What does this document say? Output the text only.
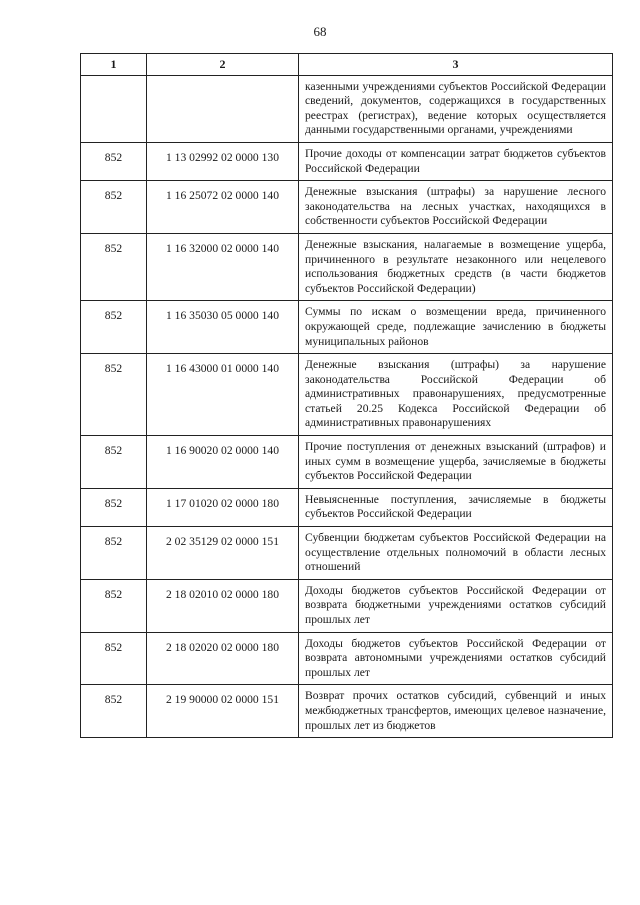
68
1	2	3
		казенными учреждениями субъектов Российской Федерации сведений, документов, содержащихся в государственных реестрах (регистрах), ведение которых осуществляется данными государственными органами, учреждениями
852	1 13 02992 02 0000 130	Прочие доходы от компенсации затрат бюджетов субъектов Российской Федерации
852	1 16 25072 02 0000 140	Денежные взыскания (штрафы) за нарушение лесного законодательства на лесных участках, находящихся в собственности субъектов Российской Федерации
852	1 16 32000 02 0000 140	Денежные взыскания, налагаемые в возмещение ущерба, причиненного в результате незаконного или нецелевого использования бюджетных средств (в части бюджетов субъектов Российской Федерации)
852	1 16 35030 05 0000 140	Суммы по искам о возмещении вреда, причиненного окружающей среде, подлежащие зачислению в бюджеты муниципальных районов
852	1 16 43000 01 0000 140	Денежные взыскания (штрафы) за нарушение законодательства Российской Федерации об административных правонарушениях, предусмотренные статьей 20.25 Кодекса Российской Федерации об административных правонарушениях
852	1 16 90020 02 0000 140	Прочие поступления от денежных взысканий (штрафов) и иных сумм в возмещение ущерба, зачисляемые в бюджеты субъектов Российской Федерации
852	1 17 01020 02 0000 180	Невыясненные поступления, зачисляемые в бюджеты субъектов Российской Федерации
852	2 02 35129 02 0000 151	Субвенции бюджетам субъектов Российской Федерации на осуществление отдельных полномочий в области лесных отношений
852	2 18 02010 02 0000 180	Доходы бюджетов субъектов Российской Федерации от возврата бюджетными учреждениями остатков субсидий прошлых лет
852	2 18 02020 02 0000 180	Доходы бюджетов субъектов Российской Федерации от возврата автономными учреждениями остатков субсидий прошлых лет
852	2 19 90000 02 0000 151	Возврат прочих остатков субсидий, субвенций и иных межбюджетных трансфертов, имеющих целевое назначение, прошлых лет из бюджетов
